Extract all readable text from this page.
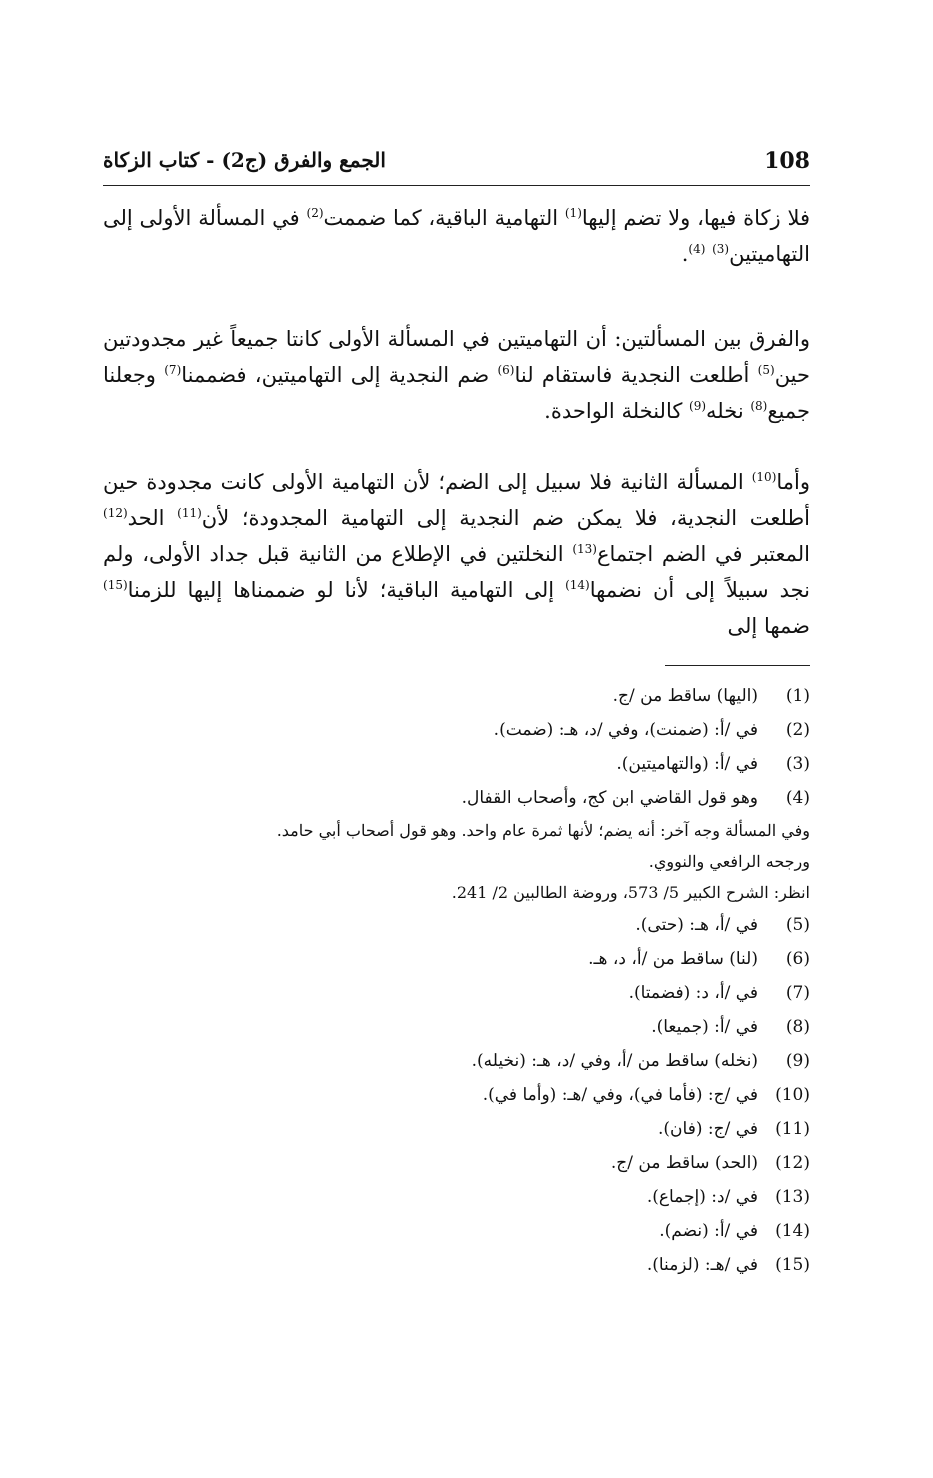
108
الجمع والفرق (ج2) - كتاب الزكاة

فلا زكاة فيها، ولا تضم إليها$^{(1)}$ التهامية الباقية، كما ضممت$^{(2)}$ في المسألة الأولى إلى التهاميتين$^{(3)}$ $^{(4)}$.

والفرق بين المسألتين: أن التهاميتين في المسألة الأولى كانتا جميعاً غير مجدودتين حين$^{(5)}$ أطلعت النجدية فاستقام لنا$^{(6)}$ ضم النجدية إلى التهاميتين، فضممنا$^{(7)}$ وجعلنا جميع$^{(8)}$ نخله$^{(9)}$ كالنخلة الواحدة.

وأما$^{(10)}$ المسألة الثانية فلا سبيل إلى الضم؛ لأن التهامية الأولى كانت مجدودة حين أطلعت النجدية، فلا يمكن ضم النجدية إلى التهامية المجدودة؛ لأن$^{(11)}$ الحد$^{(12)}$ المعتبر في الضم اجتماع$^{(13)}$ النخلتين في الإطلاع من الثانية قبل جداد الأولى، ولم نجد سبيلاً إلى أن نضمها$^{(14)}$ إلى التهامية الباقية؛ لأنا لو ضممناها إليها للزمنا$^{(15)}$ ضمها إلى

(1)
(اليها) ساقط من /ج.
(2)
في /أ: (ضمنت)، وفي /د، هـ: (ضمت).
(3)
في /أ: (والتهاميتين).
(4)
وهو قول القاضي ابن كج، وأصحاب القفال.
وفي المسألة وجه آخر: أنه يضم؛ لأنها ثمرة عام واحد. وهو قول أصحاب أبي حامد.
ورجحه الرافعي والنووي.
انظر: الشرح الكبير 5/ 573، وروضة الطالبين 2/ 241.
(5)
في /أ، هـ: (حتى).
(6)
(لنا) ساقط من /أ، د، هـ.
(7)
في /أ، د: (فضمتا).
(8)
في /أ: (جميعا).
(9)
(نخله) ساقط من /أ، وفي /د، هـ: (نخيله).
(10)
في /ج: (فأما في)، وفي /هـ: (وأما في).
(11)
في /ج: (فان).
(12)
(الحد) ساقط من /ج.
(13)
في /د: (إجماع).
(14)
في /أ: (نضم).
(15)
في /هـ: (لزمنا).
